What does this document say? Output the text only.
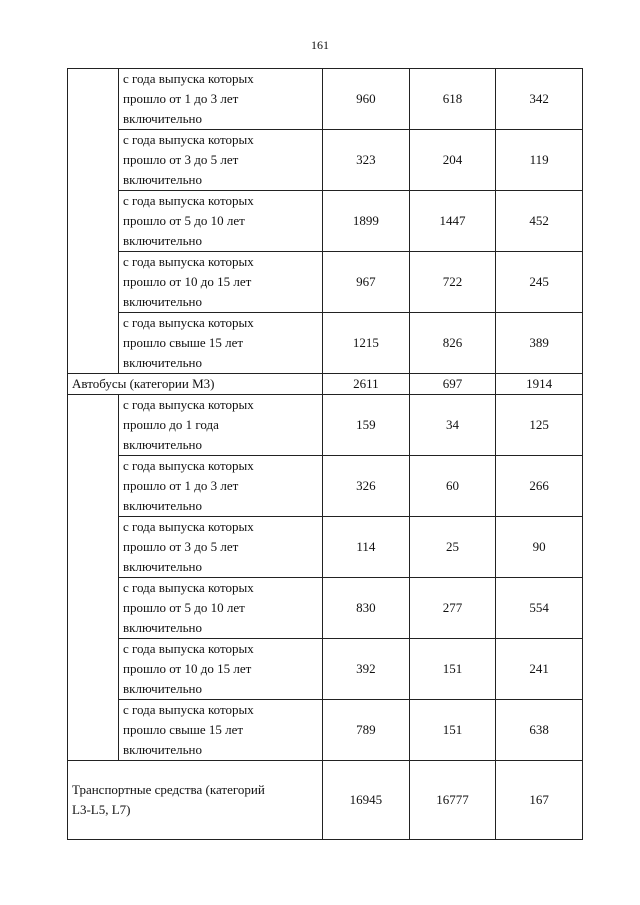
161

	с года выпуска которых
прошло от 1 до 3 лет
включительно	960	618	342

	с года выпуска которых
прошло от 3 до 5 лет
включительно	323	204	119

	с года выпуска которых
прошло от 5 до 10 лет
включительно	1899	1447	452

	с года выпуска которых
прошло от 10 до 15 лет
включительно	967	722	245

	с года выпуска которых
прошло свыше 15 лет
включительно	1215	826	389
Автобусы (категории М3)		2611	697	1914

	с года выпуска которых
прошло до 1 года
включительно	159	34	125

	с года выпуска которых
прошло от 1 до 3 лет
включительно	326	60	266

	с года выпуска которых
прошло от 3 до 5 лет
включительно	114	25	90

	с года выпуска которых
прошло от 5 до 10 лет
включительно	830	277	554

	с года выпуска которых
прошло от 10 до 15 лет
включительно	392	151	241

	с года выпуска которых
прошло свыше 15 лет
включительно	789	151	638

Транспортные средства (категорий
L3-L5, L7)		16945	16777	167
